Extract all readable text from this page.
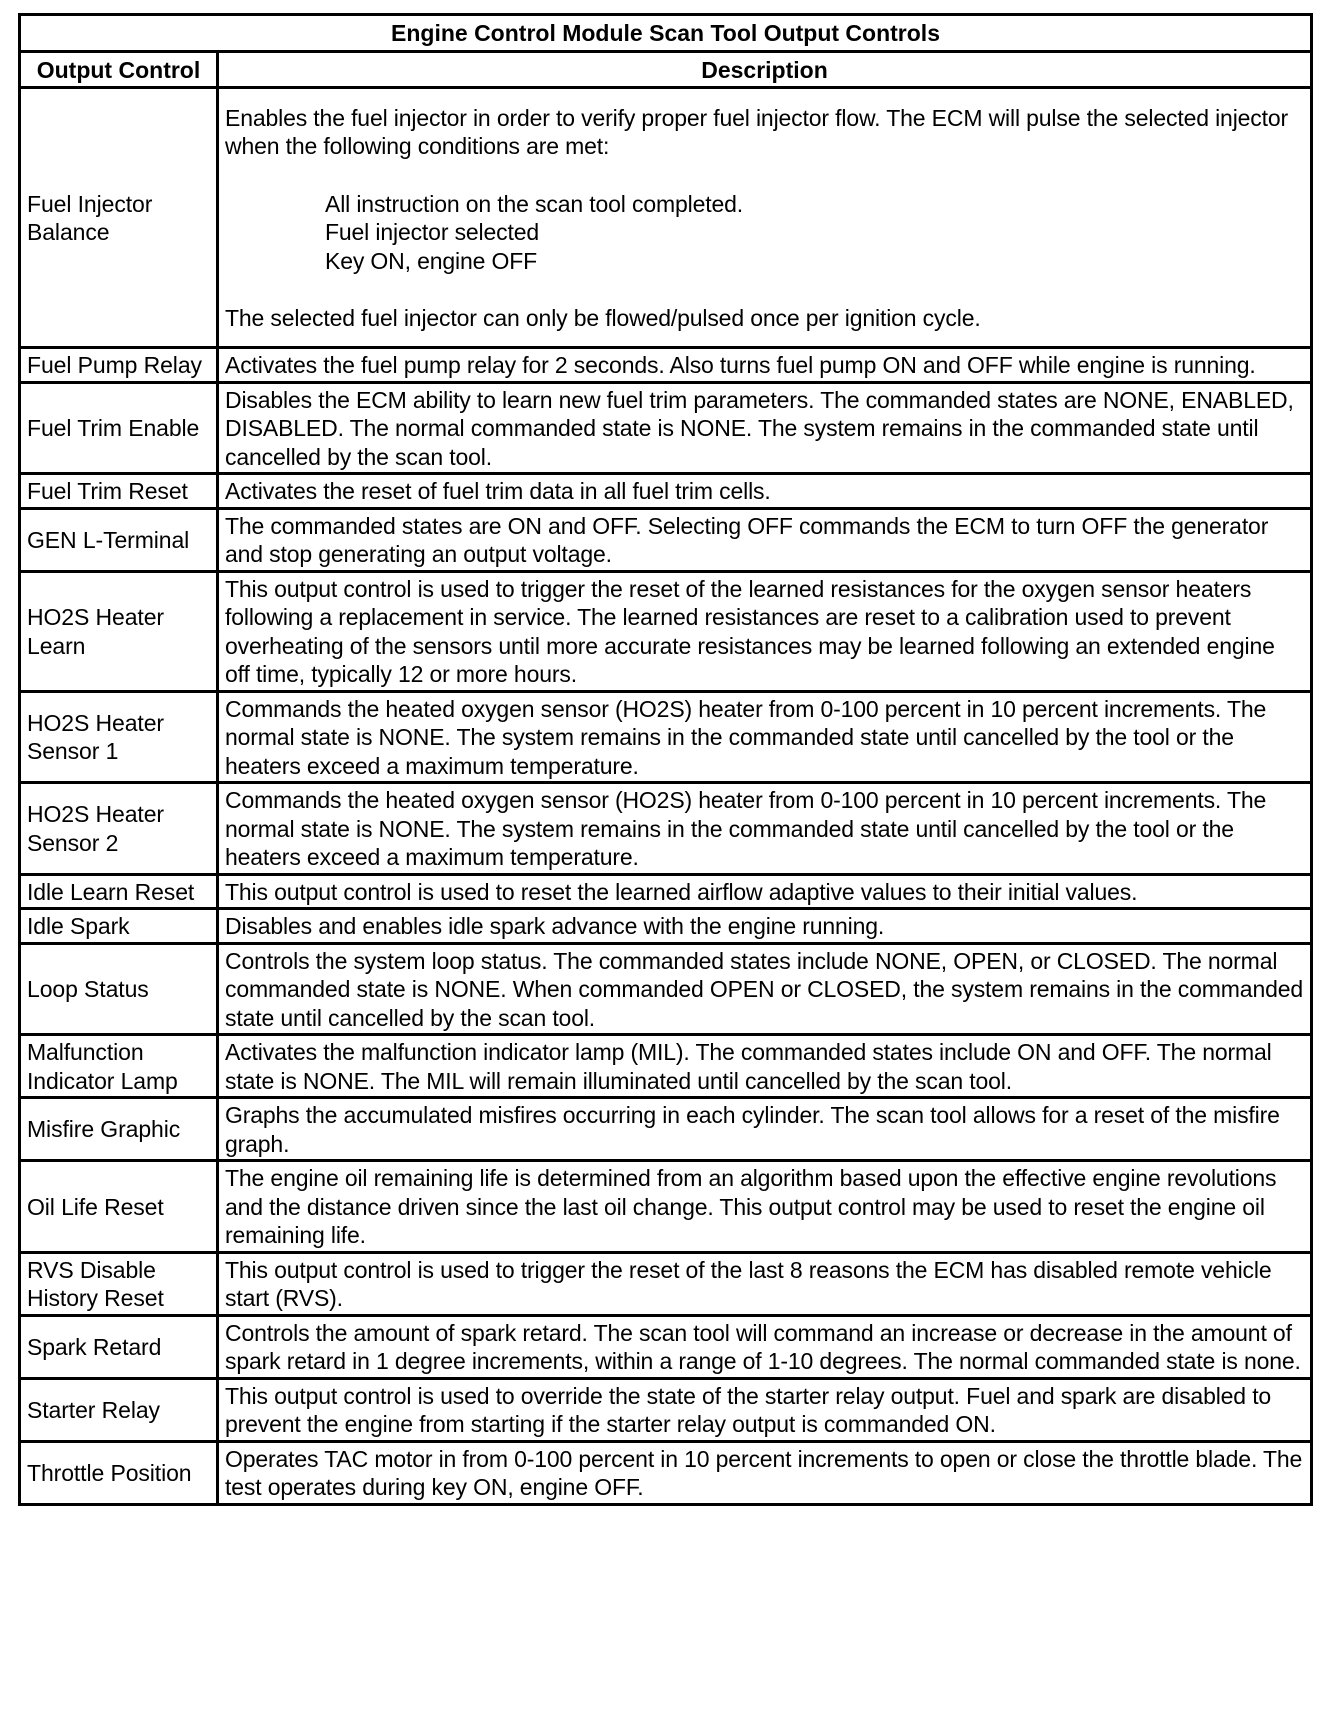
Engine Control Module Scan Tool Output Controls	
Output Control	Description
Fuel Injector Balance	Enables the fuel injector in order to verify proper fuel injector flow. The ECM will pulse the selected injector when the following conditions are met:
All instruction on the scan tool completed.
Fuel injector selected
Key ON, engine OFF
The selected fuel injector can only be flowed/pulsed once per ignition cycle.

Fuel Pump Relay	Activates the fuel pump relay for 2 seconds. Also turns fuel pump ON and OFF while engine is running.
Fuel Trim Enable	Disables the ECM ability to learn new fuel trim parameters. The commanded states are NONE, ENABLED, DISABLED. The normal commanded state is NONE. The system remains in the commanded state until cancelled by the scan tool.
Fuel Trim Reset	Activates the reset of fuel trim data in all fuel trim cells.
GEN L-Terminal	The commanded states are ON and OFF. Selecting OFF commands the ECM to turn OFF the generator and stop generating an output voltage.
HO2S Heater Learn	This output control is used to trigger the reset of the learned resistances for the oxygen sensor heaters following a replacement in service. The learned resistances are reset to a calibration used to prevent overheating of the sensors until more accurate resistances may be learned following an extended engine off time, typically 12 or more hours.
HO2S Heater Sensor 1	Commands the heated oxygen sensor (HO2S) heater from 0-100 percent in 10 percent increments. The normal state is NONE. The system remains in the commanded state until cancelled by the tool or the heaters exceed a maximum temperature.
HO2S Heater Sensor 2	Commands the heated oxygen sensor (HO2S) heater from 0-100 percent in 10 percent increments. The normal state is NONE. The system remains in the commanded state until cancelled by the tool or the heaters exceed a maximum temperature.
Idle Learn Reset	This output control is used to reset the learned airflow adaptive values to their initial values.
Idle Spark	Disables and enables idle spark advance with the engine running.
Loop Status	Controls the system loop status. The commanded states include NONE, OPEN, or CLOSED. The normal commanded state is NONE. When commanded OPEN or CLOSED, the system remains in the commanded state until cancelled by the scan tool.
Malfunction Indicator Lamp	Activates the malfunction indicator lamp (MIL). The commanded states include ON and OFF. The normal state is NONE. The MIL will remain illuminated until cancelled by the scan tool.
Misfire Graphic	Graphs the accumulated misfires occurring in each cylinder. The scan tool allows for a reset of the misfire graph.
Oil Life Reset	The engine oil remaining life is determined from an algorithm based upon the effective engine revolutions and the distance driven since the last oil change. This output control may be used to reset the engine oil remaining life.
RVS Disable History Reset	This output control is used to trigger the reset of the last 8 reasons the ECM has disabled remote vehicle start (RVS).
Spark Retard	Controls the amount of spark retard. The scan tool will command an increase or decrease in the amount of spark retard in 1 degree increments, within a range of 1-10 degrees. The normal commanded state is none.
Starter Relay	This output control is used to override the state of the starter relay output. Fuel and spark are disabled to prevent the engine from starting if the starter relay output is commanded ON.
Throttle Position	Operates TAC motor in from 0-100 percent in 10 percent increments to open or close the throttle blade. The test operates during key ON, engine OFF.
